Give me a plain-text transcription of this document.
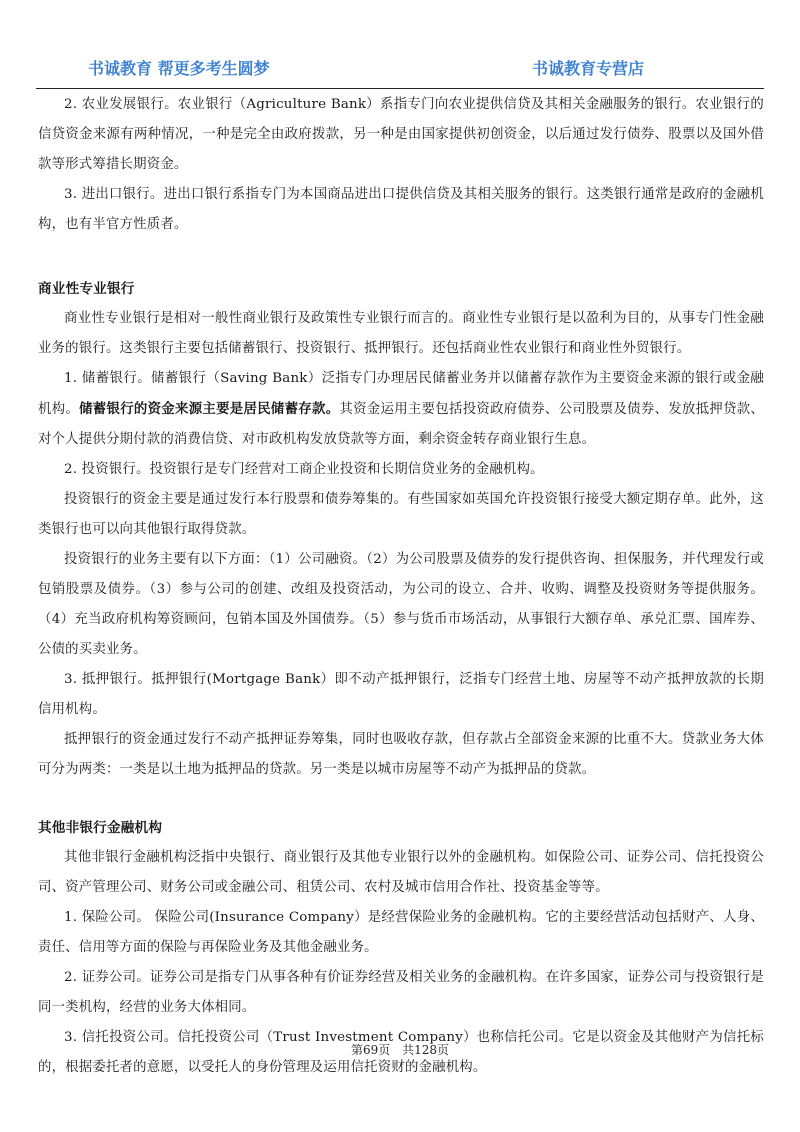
书诚教育 帮更多考生圆梦	书诚教育专营店

2. 农业发展银行。农业银行（Agriculture Bank）系指专门向农业提供信贷及其相关金融服务的银行。农业银行的信贷资金来源有两种情况，一种是完全由政府拨款，另一种是由国家提供初创资金，以后通过发行债券、股票以及国外借款等形式筹措长期资金。

3. 进出口银行。进出口银行系指专门为本国商品进出口提供信贷及其相关服务的银行。这类银行通常是政府的金融机构，也有半官方性质者。

商业性专业银行

商业性专业银行是相对一般性商业银行及政策性专业银行而言的。商业性专业银行是以盈利为目的，从事专门性金融业务的银行。这类银行主要包括储蓄银行、投资银行、抵押银行。还包括商业性农业银行和商业性外贸银行。

1. 储蓄银行。储蓄银行（Saving Bank）泛指专门办理居民储蓄业务并以储蓄存款作为主要资金来源的银行或金融机构。储蓄银行的资金来源主要是居民储蓄存款。其资金运用主要包括投资政府债券、公司股票及债券、发放抵押贷款、对个人提供分期付款的消费信贷、对市政机构发放贷款等方面，剩余资金转存商业银行生息。

2. 投资银行。投资银行是专门经营对工商企业投资和长期信贷业务的金融机构。

投资银行的资金主要是通过发行本行股票和债券筹集的。有些国家如英国允许投资银行接受大额定期存单。此外，这类银行也可以向其他银行取得贷款。

投资银行的业务主要有以下方面：（1）公司融资。（2）为公司股票及债券的发行提供咨询、担保服务，并代理发行或包销股票及债券。（3）参与公司的创建、改组及投资活动，为公司的设立、合并、收购、调整及投资财务等提供服务。（4）充当政府机构筹资顾问，包销本国及外国债券。（5）参与货币市场活动，从事银行大额存单、承兑汇票、国库券、公债的买卖业务。

3. 抵押银行。抵押银行(Mortgage Bank）即不动产抵押银行，泛指专门经营土地、房屋等不动产抵押放款的长期信用机构。

抵押银行的资金通过发行不动产抵押证券筹集，同时也吸收存款，但存款占全部资金来源的比重不大。贷款业务大体可分为两类：一类是以土地为抵押品的贷款。另一类是以城市房屋等不动产为抵押品的贷款。

其他非银行金融机构

其他非银行金融机构泛指中央银行、商业银行及其他专业银行以外的金融机构。如保险公司、证券公司、信托投资公司、资产管理公司、财务公司或金融公司、租赁公司、农村及城市信用合作社、投资基金等等。

1. 保险公司。 保险公司(Insurance Company）是经营保险业务的金融机构。它的主要经营活动包括财产、人身、责任、信用等方面的保险与再保险业务及其他金融业务。

2. 证券公司。证券公司是指专门从事各种有价证券经营及相关业务的金融机构。在许多国家，证券公司与投资银行是同一类机构，经营的业务大体相同。

3. 信托投资公司。信托投资公司（Trust Investment Company）也称信托公司。它是以资金及其他财产为信托标的，根据委托者的意愿，以受托人的身份管理及运用信托资财的金融机构。

第69页 共128页
